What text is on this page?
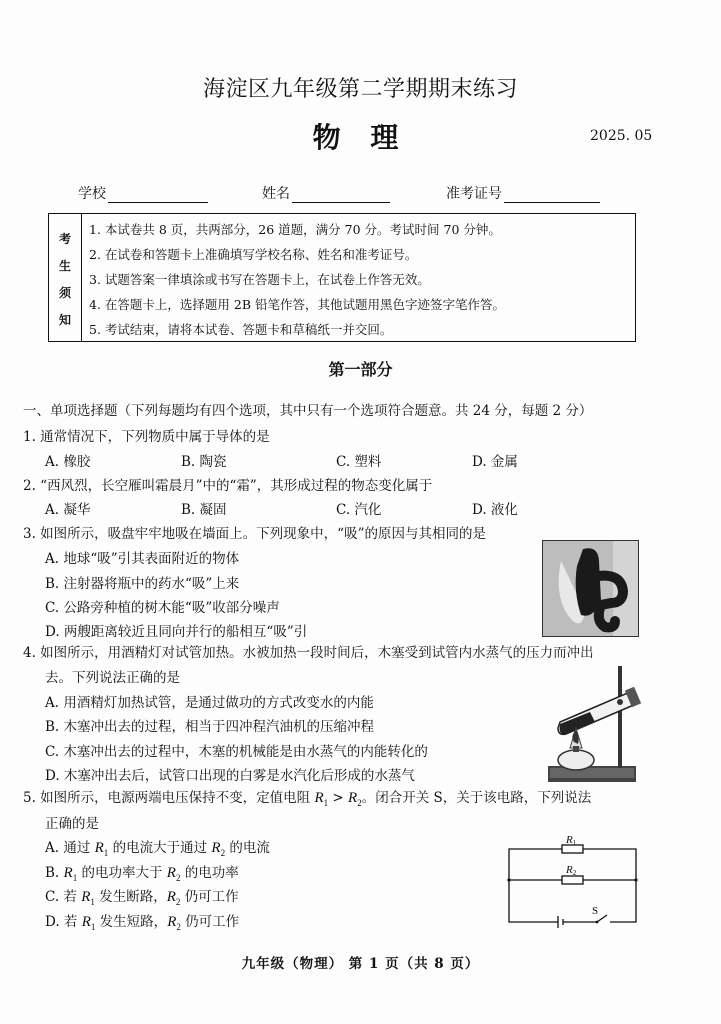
海淀区九年级第二学期期末练习
物 理	2025. 05
学校	姓名	准考证号
考
生
须
知
1. 本试卷共 8 页，共两部分，26 道题，满分 70 分。考试时间 70 分钟。
2. 在试卷和答题卡上准确填写学校名称、姓名和准考证号。
3. 试题答案一律填涂或书写在答题卡上，在试卷上作答无效。
4. 在答题卡上，选择题用 2B 铅笔作答，其他试题用黑色字迹签字笔作答。
5. 考试结束，请将本试卷、答题卡和草稿纸一并交回。
第一部分
一、单项选择题（下列每题均有四个选项，其中只有一个选项符合题意。共 24 分，每题 2 分）
1. 通常情况下，下列物质中属于导体的是
A. 橡胶	B. 陶瓷	C. 塑料	D. 金属
2. “西风烈，长空雁叫霜晨月”中的“霜”，其形成过程的物态变化属于
A. 凝华	B. 凝固	C. 汽化	D. 液化
3. 如图所示，吸盘牢牢地吸在墙面上。下列现象中，“吸”的原因与其相同的是
A. 地球“吸”引其表面附近的物体
B. 注射器将瓶中的药水“吸”上来
C. 公路旁种植的树木能“吸”收部分噪声
D. 两艘距离较近且同向并行的船相互“吸”引
4. 如图所示，用酒精灯对试管加热。水被加热一段时间后，木塞受到试管内水蒸气的压力而冲出
去。下列说法正确的是
A. 用酒精灯加热试管，是通过做功的方式改变水的内能
B. 木塞冲出去的过程，相当于四冲程汽油机的压缩冲程
C. 木塞冲出去的过程中，木塞的机械能是由水蒸气的内能转化的
D. 木塞冲出去后，试管口出现的白雾是水汽化后形成的水蒸气
5. 如图所示，电源两端电压保持不变，定值电阻 $R_1 > R_2$。闭合开关 S，关于该电路，下列说法
正确的是
A. 通过 $R_1$ 的电流大于通过 $R_2$ 的电流
B. $R_1$ 的电功率大于 $R_2$ 的电功率
C. 若 $R_1$ 发生断路，$R_2$ 仍可工作
D. 若 $R_1$ 发生短路，$R_2$ 仍可工作
R1
R2
S
九年级（物理） 第 1 页（共 8 页）
